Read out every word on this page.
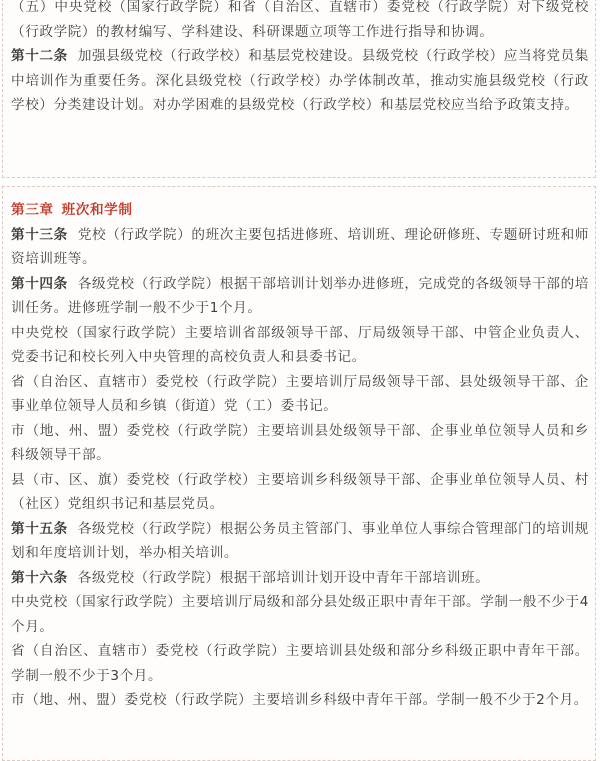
（五）中央党校（国家行政学院）和省（自治区、直辖市）委党校（行政学院）对下级党校（行政学院）的教材编写、学科建设、科研课题立项等工作进行指导和协调。

第十二条 加强县级党校（行政学校）和基层党校建设。县级党校（行政学校）应当将党员集中培训作为重要任务。深化县级党校（行政学校）办学体制改革，推动实施县级党校（行政学校）分类建设计划。对办学困难的县级党校（行政学校）和基层党校应当给予政策支持。

第三章 班次和学制

第十三条 党校（行政学院）的班次主要包括进修班、培训班、理论研修班、专题研讨班和师资培训班等。

第十四条 各级党校（行政学院）根据干部培训计划举办进修班，完成党的各级领导干部的培训任务。进修班学制一般不少于1个月。

中央党校（国家行政学院）主要培训省部级领导干部、厅局级领导干部、中管企业负责人、党委书记和校长列入中央管理的高校负责人和县委书记。

省（自治区、直辖市）委党校（行政学院）主要培训厅局级领导干部、县处级领导干部、企事业单位领导人员和乡镇（街道）党（工）委书记。

市（地、州、盟）委党校（行政学院）主要培训县处级领导干部、企事业单位领导人员和乡科级领导干部。

县（市、区、旗）委党校（行政学校）主要培训乡科级领导干部、企事业单位领导人员、村（社区）党组织书记和基层党员。

第十五条 各级党校（行政学院）根据公务员主管部门、事业单位人事综合管理部门的培训规划和年度培训计划，举办相关培训。

第十六条 各级党校（行政学院）根据干部培训计划开设中青年干部培训班。

中央党校（国家行政学院）主要培训厅局级和部分县处级正职中青年干部。学制一般不少于4个月。

省（自治区、直辖市）委党校（行政学院）主要培训县处级和部分乡科级正职中青年干部。学制一般不少于3个月。

市（地、州、盟）委党校（行政学院）主要培训乡科级中青年干部。学制一般不少于2个月。
